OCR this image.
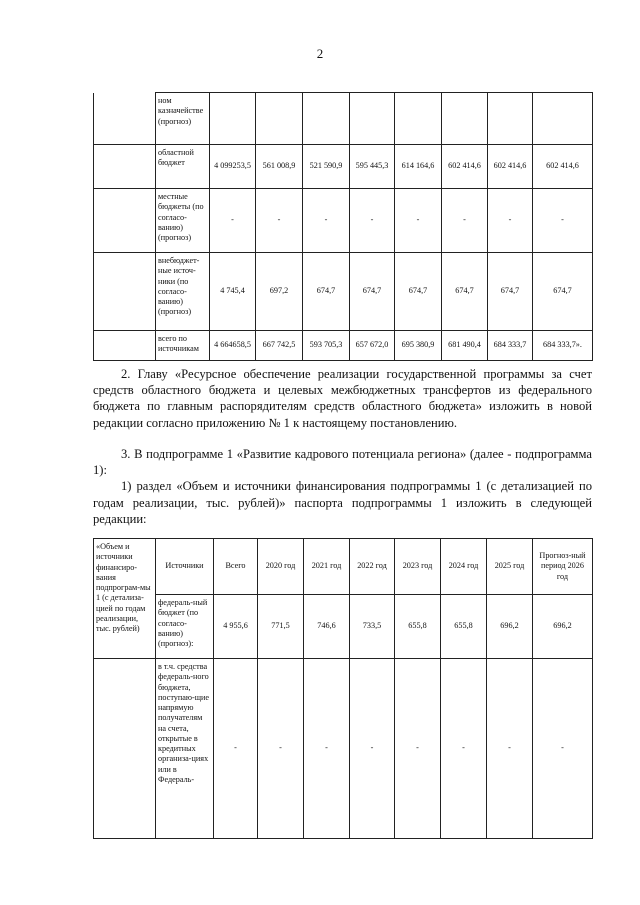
2
	ном казначействе (прогноз)								
	областной бюджет	4 099253,5	561 008,9	521 590,9	595 445,3	614 164,6	602 414,6	602 414,6	602 414,6
	местные бюджеты (по согласо-ванию) (прогноз)	-	-	-	-	-	-	-	-
	внебюджет-ные источ-ники (по согласо-ванию) (прогноз)	4 745,4	697,2	674,7	674,7	674,7	674,7	674,7	674,7
	всего по источникам	4 664658,5	667 742,5	593 705,3	657 672,0	695 380,9	681 490,4	684 333,7	684 333,7».

2. Главу «Ресурсное обеспечение реализации государственной программы за счет средств областного бюджета и целевых межбюджетных трансфертов из федерального бюджета по главным распорядителям средств областного бюджета» изложить в новой редакции согласно приложению № 1 к настоящему постановлению.

3. В подпрограмме 1 «Развитие кадрового потенциала региона» (далее - подпрограмма 1):

1) раздел «Объем и источники финансирования подпрограммы 1 (с детализацией по годам реализации, тыс. рублей)» паспорта подпрограммы 1 изложить в следующей редакции:

«Объем и источники финансиро-вания подпрограм-мы 1 (с детализа-цией по годам реализации, тыс. рублей)	Источники	Всего	2020 год	2021 год	2022 год	2023 год	2024 год	2025 год	Прогноз-ный период 2026 год
	федераль-ный бюджет (по согласо-ванию) (прогноз):	4 955,6	771,5	746,6	733,5	655,8	655,8	696,2	696,2
	в т.ч. средства федераль-ного бюджета, поступаю-щие напрямую получателям на счета, открытые в кредитных организа-циях или в Федераль-	-	-	-	-	-	-	-	-
